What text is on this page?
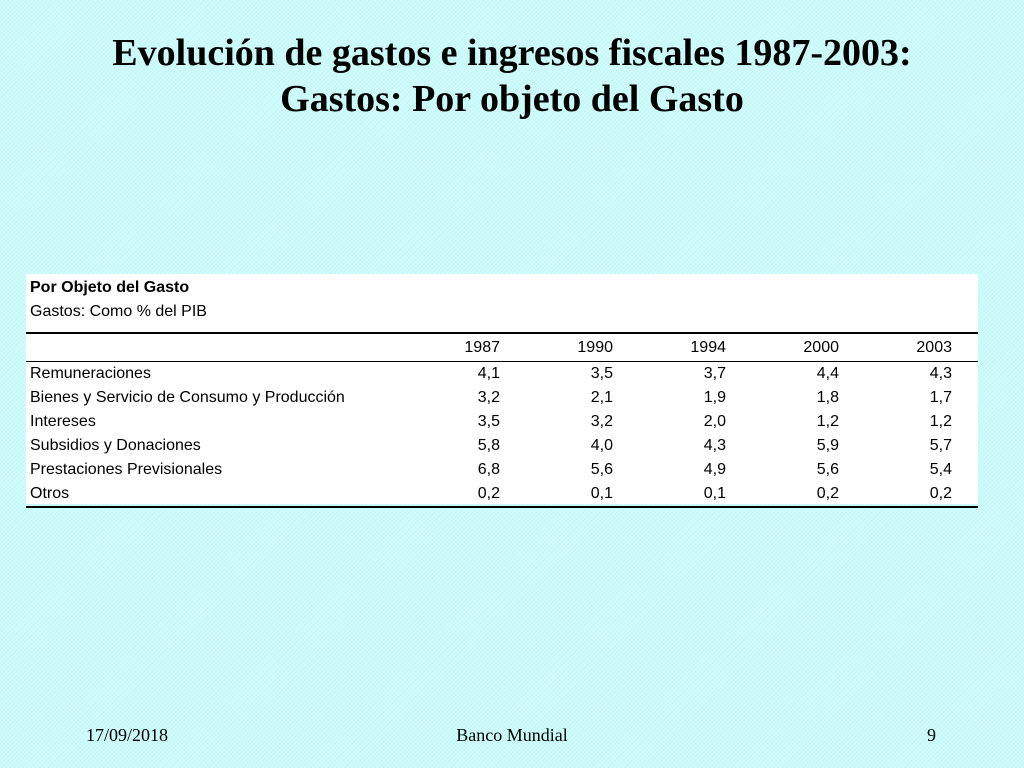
Evolución de gastos e ingresos fiscales 1987-2003:
Gastos: Por objeto del Gasto
Por Objeto del Gasto
Gastos: Como % del PIB
	1987	1990	1994	2000	2003
Remuneraciones	4,1	3,5	3,7	4,4	4,3
Bienes y Servicio de Consumo y Producción	3,2	2,1	1,9	1,8	1,7
Intereses	3,5	3,2	2,0	1,2	1,2
Subsidios y Donaciones	5,8	4,0	4,3	5,9	5,7
Prestaciones Previsionales	6,8	5,6	4,9	5,6	5,4
Otros	0,2	0,1	0,1	0,2	0,2
17/09/2018	Banco Mundial	9
